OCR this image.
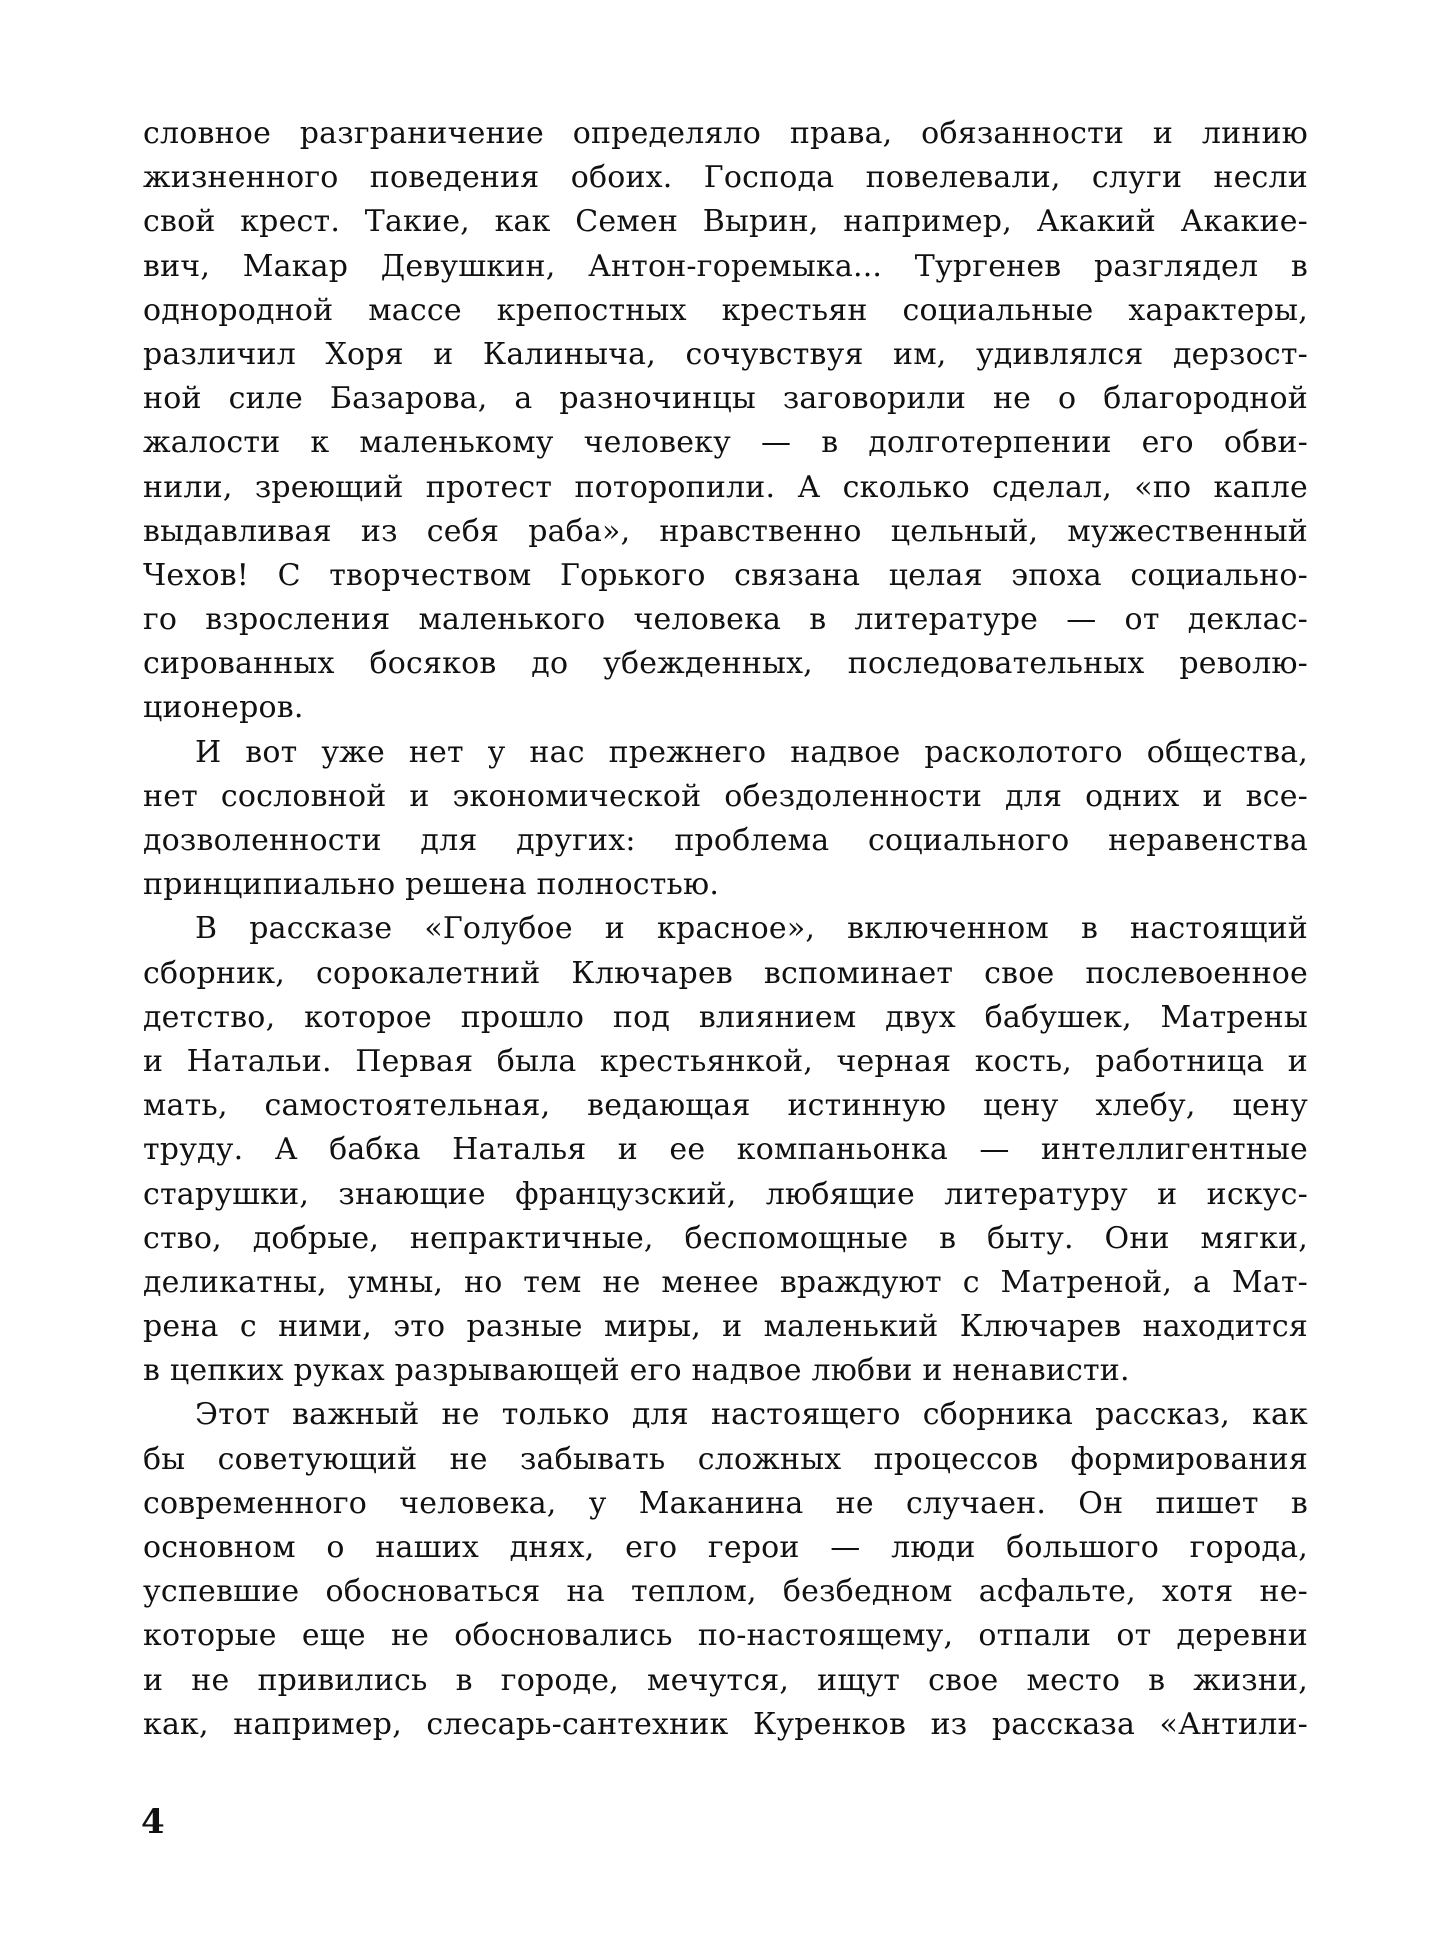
словное разграничение определяло права, обязанности и линию
жизненного поведения обоих. Господа повелевали, слуги несли
свой крест. Такие, как Семен Вырин, например, Акакий Акакие-
вич, Макар Девушкин, Антон-горемыка... Тургенев разглядел в
однородной массе крепостных крестьян социальные характеры,
различил Хоря и Калиныча, сочувствуя им, удивлялся дерзост-
ной силе Базарова, а разночинцы заговорили не о благородной
жалости к маленькому человеку — в долготерпении его обви-
нили, зреющий протест поторопили. А сколько сделал, «по капле
выдавливая из себя раба», нравственно цельный, мужественный
Чехов! С творчеством Горького связана целая эпоха социально-
го взросления маленького человека в литературе — от деклас-
сированных босяков до убежденных, последовательных револю-
ционеров.
И вот уже нет у нас прежнего надвое расколотого общества,
нет сословной и экономической обездоленности для одних и все-
дозволенности для других: проблема социального неравенства
принципиально решена полностью.
В рассказе «Голубое и красное», включенном в настоящий
сборник, сорокалетний Ключарев вспоминает свое послевоенное
детство, которое прошло под влиянием двух бабушек, Матрены
и Натальи. Первая была крестьянкой, черная кость, работница и
мать, самостоятельная, ведающая истинную цену хлебу, цену
труду. А бабка Наталья и ее компаньонка — интеллигентные
старушки, знающие французский, любящие литературу и искус-
ство, добрые, непрактичные, беспомощные в быту. Они мягки,
деликатны, умны, но тем не менее враждуют с Матреной, а Мат-
рена с ними, это разные миры, и маленький Ключарев находится
в цепких руках разрывающей его надвое любви и ненависти.
Этот важный не только для настоящего сборника рассказ, как
бы советующий не забывать сложных процессов формирования
современного человека, у Маканина не случаен. Он пишет в
основном о наших днях, его герои — люди большого города,
успевшие обосноваться на теплом, безбедном асфальте, хотя не-
которые еще не обосновались по-настоящему, отпали от деревни
и не привились в городе, мечутся, ищут свое место в жизни,
как, например, слесарь-сантехник Куренков из рассказа «Антили-
4
